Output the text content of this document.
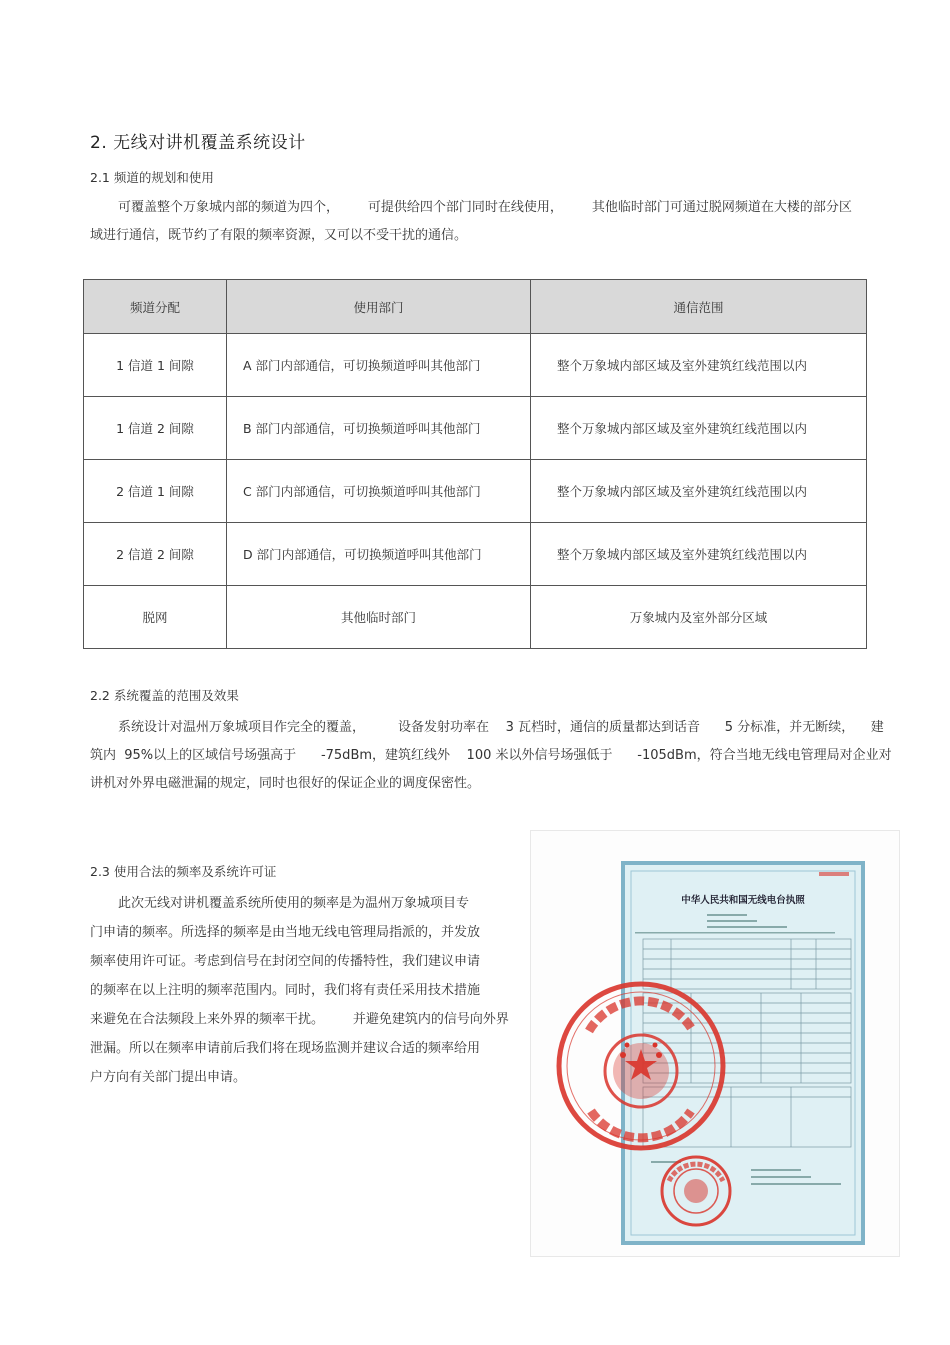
2. 无线对讲机覆盖系统设计
2.1 频道的规划和使用
可覆盖整个万象城内部的频道为四个，       可提供给四个部门同时在线使用，       其他临时部门可通过脱网频道在大楼的部分区
域进行通信，既节约了有限的频率资源，又可以不受干扰的通信。
频道分配	使用部门	通信范围
1 信道 1 间隙	A 部门内部通信，可切换频道呼叫其他部门	整个万象城内部区域及室外建筑红线范围以内
1 信道 2 间隙	B 部门内部通信，可切换频道呼叫其他部门	整个万象城内部区域及室外建筑红线范围以内
2 信道 1 间隙	C 部门内部通信，可切换频道呼叫其他部门	整个万象城内部区域及室外建筑红线范围以内
2 信道 2 间隙	D 部门内部通信，可切换频道呼叫其他部门	整个万象城内部区域及室外建筑红线范围以内
脱网	其他临时部门	万象城内及室外部分区域
2.2 系统覆盖的范围及效果
系统设计对温州万象城项目作完全的覆盖，        设备发射功率在    3 瓦档时，通信的质量都达到话音      5 分标准，并无断续，    建
筑内  95%以上的区域信号场强高于      -75dBm，建筑红线外    100 米以外信号场强低于      -105dBm，符合当地无线电管理局对企业对
讲机对外界电磁泄漏的规定，同时也很好的保证企业的调度保密性。
2.3 使用合法的频率及系统许可证
此次无线对讲机覆盖系统所使用的频率是为温州万象城项目专
门申请的频率。所选择的频率是由当地无线电管理局指派的，并发放
频率使用许可证。考虑到信号在封闭空间的传播特性，我们建议申请
的频率在以上注明的频率范围内。同时，我们将有责任采用技术措施
来避免在合法频段上来外界的频率干扰。       并避免建筑内的信号向外界
泄漏。所以在频率申请前后我们将在现场监测并建议合适的频率给用
户方向有关部门提出申请。
中华人民共和国无线电台执照
